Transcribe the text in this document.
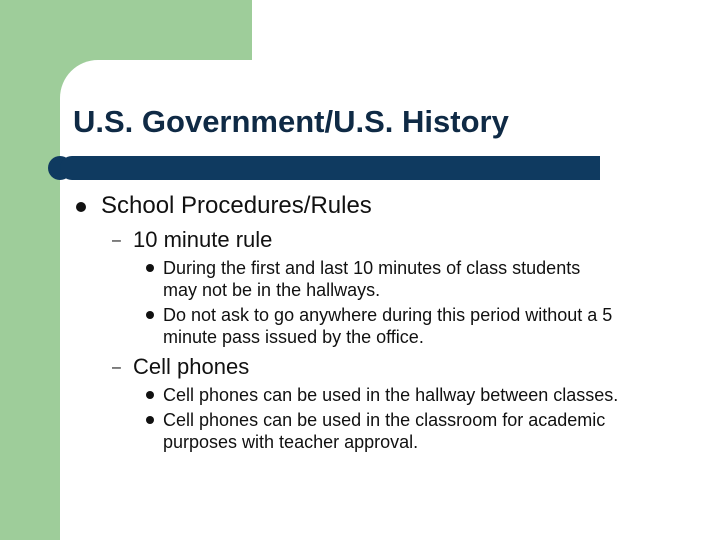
U.S. Government/U.S. History
School Procedures/Rules
– 10 minute rule
During the first and last 10 minutes of class students
may not be in the hallways.
Do not ask to go anywhere during this period without a 5
minute pass issued by the office.
– Cell phones
Cell phones can be used in the hallway between classes.
Cell phones can be used in the classroom for academic
purposes with teacher approval.
